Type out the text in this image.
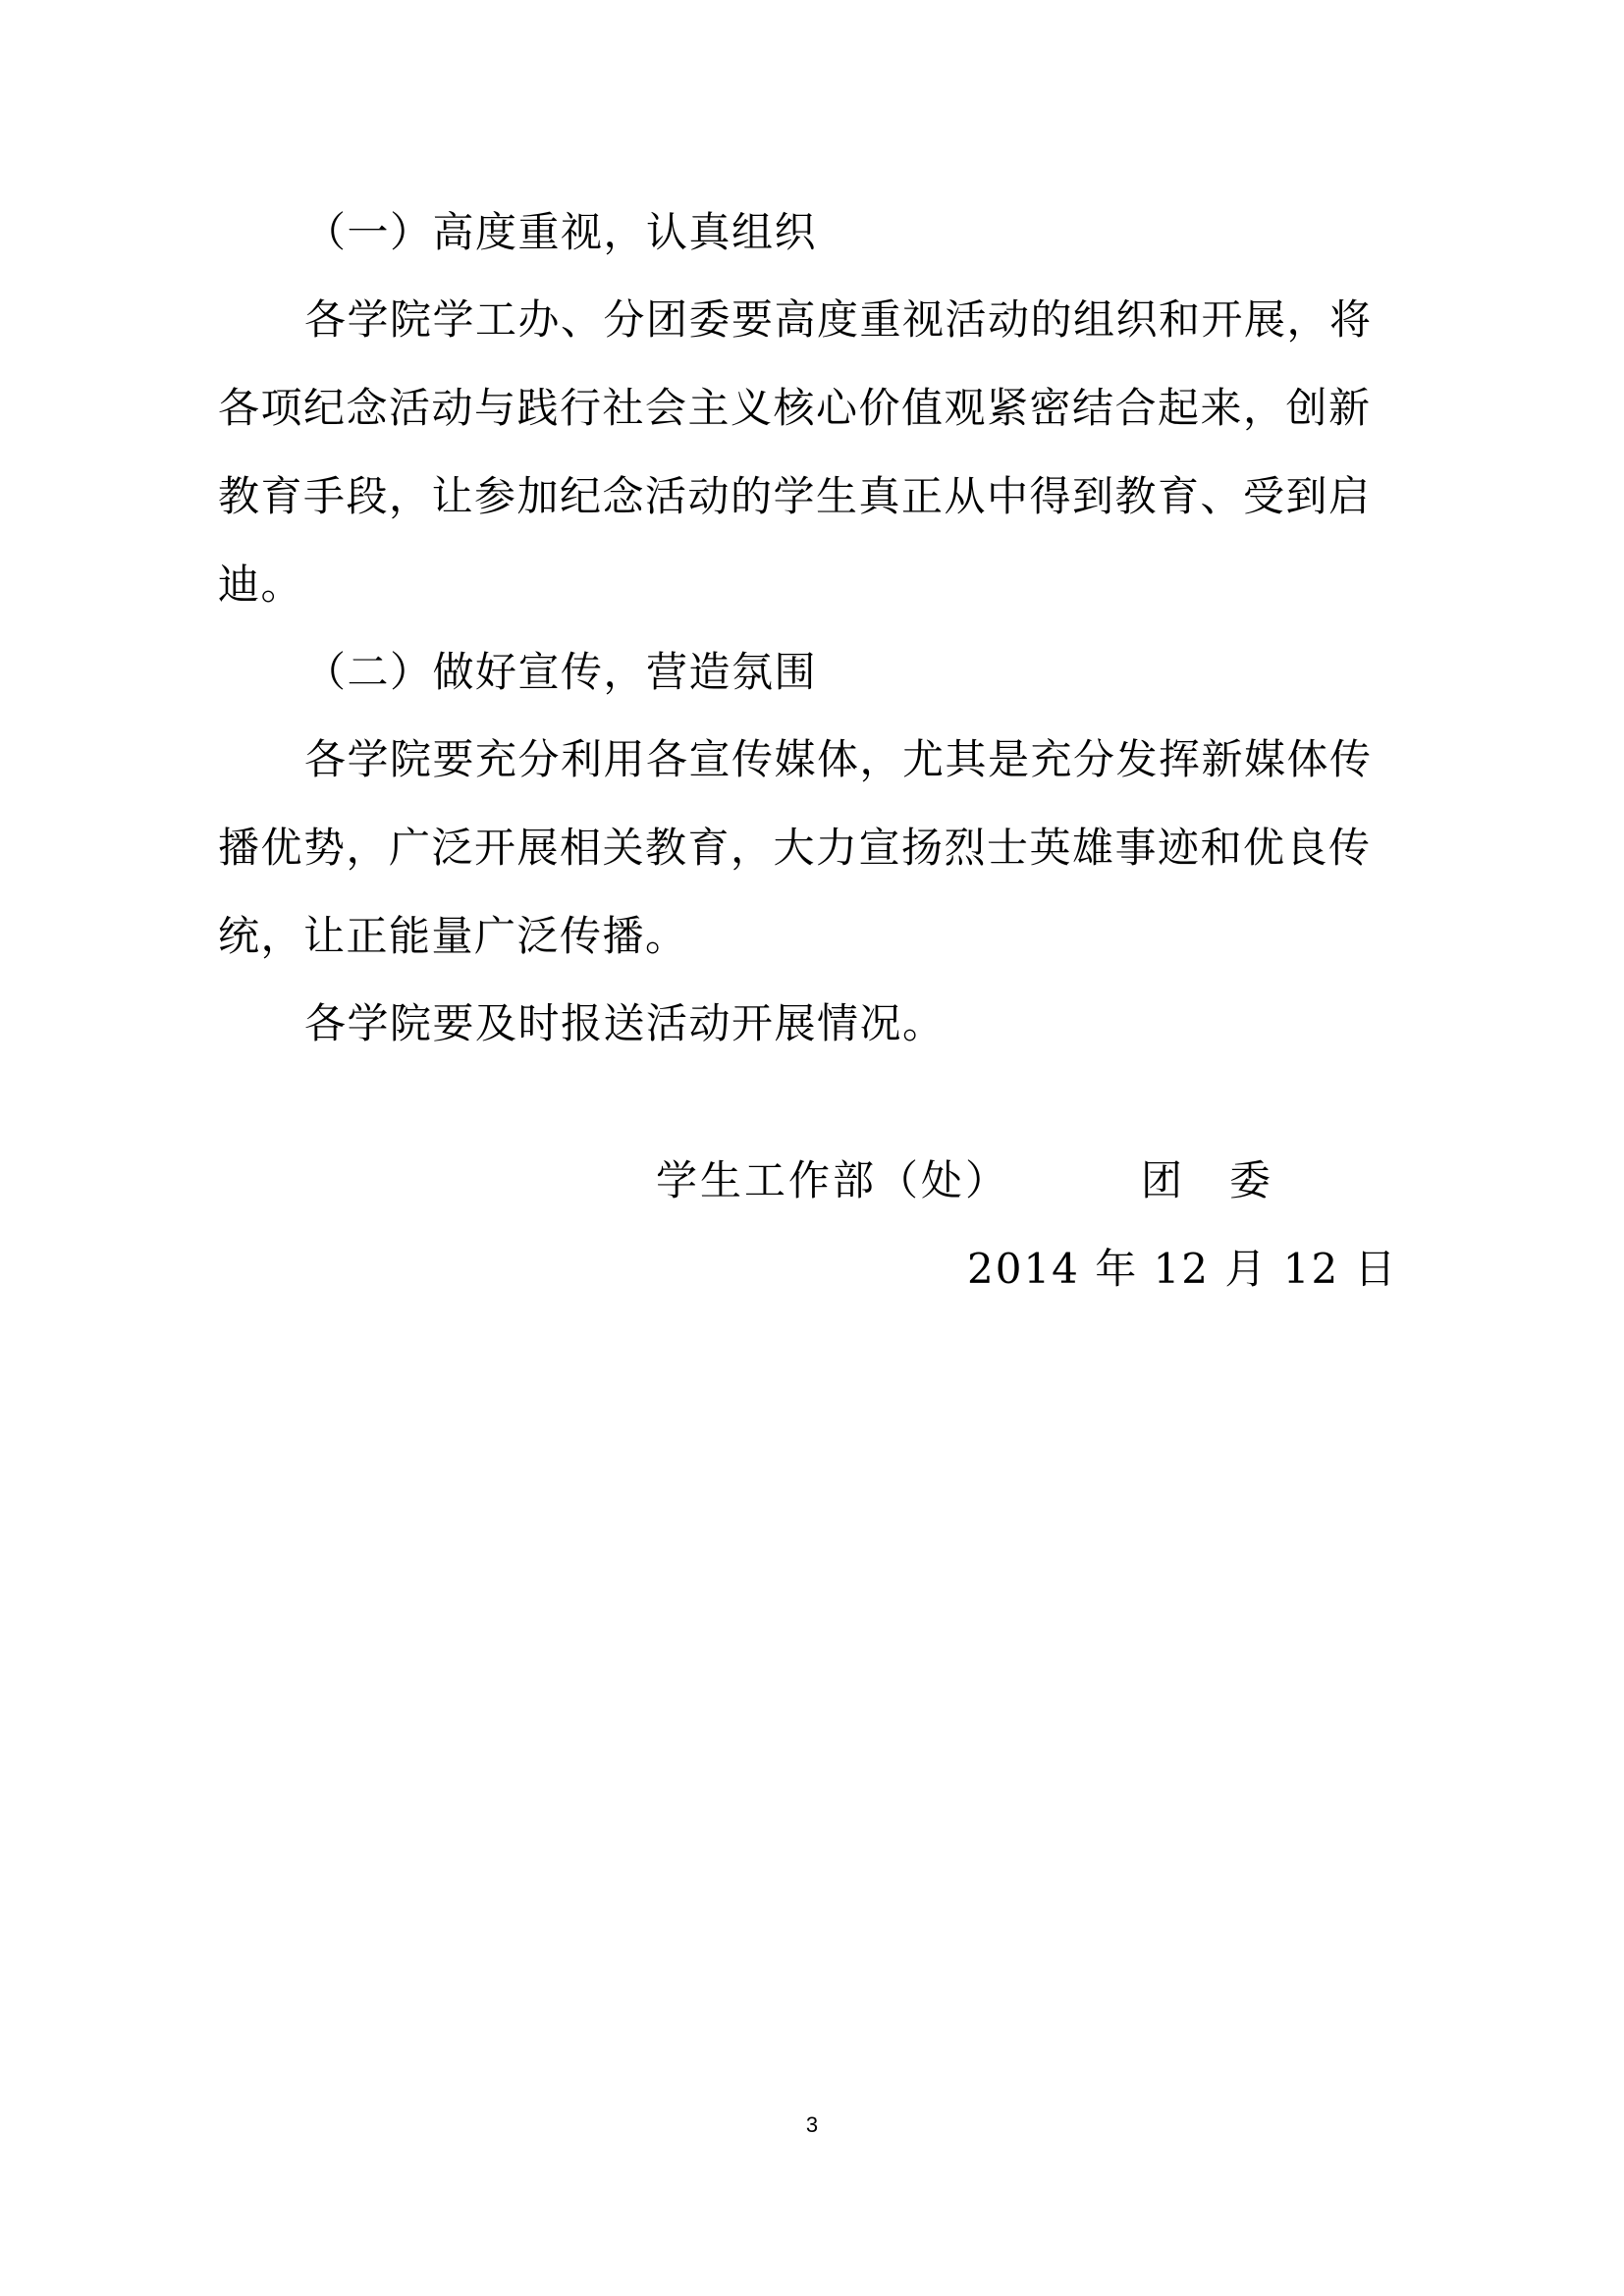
（一）高度重视，认真组织
各学院学工办、分团委要高度重视活动的组织和开展，将
各项纪念活动与践行社会主义核心价值观紧密结合起来，创新
教育手段，让参加纪念活动的学生真正从中得到教育、受到启
迪。
（二）做好宣传，营造氛围
各学院要充分利用各宣传媒体，尤其是充分发挥新媒体传
播优势，广泛开展相关教育，大力宣扬烈士英雄事迹和优良传
统，让正能量广泛传播。
各学院要及时报送活动开展情况。
学生工作部（处）	团　委
2014 年 12 月 12 日
3
